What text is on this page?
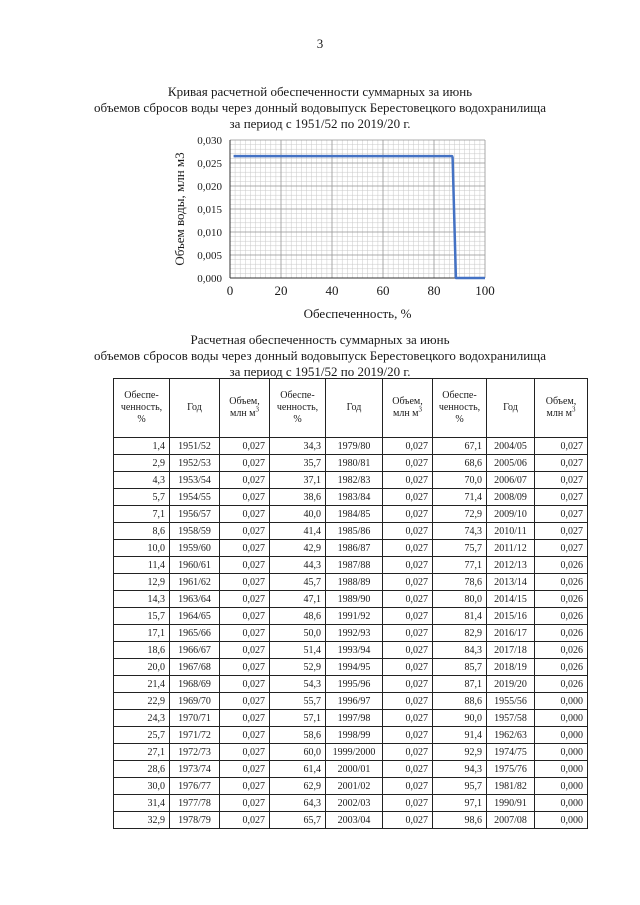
3
Кривая расчетной обеспеченности суммарных за июнь
объемов сбросов воды через донный водовыпуск Берестовецкого водохранилища
за период с 1951/52 по 2019/20 г.
0	20	40	60	80	100
0,000
0,005
0,010
0,015
0,020
0,025
0,030
Объем воды, млн м3
Обеспеченность, %
Расчетная обеспеченность суммарных за июнь
объемов сбросов воды через донный водовыпуск Берестовецкого водохранилища
за период с 1951/52 по 2019/20 г.
Обеспе-
ченность,
%	Год	Объем,
млн $м^3$	Обеспе-
ченность,
%	Год	Объем,
млн $м^3$	Обеспе-
ченность,
%	Год	Объем,
млн $м^3$
1,4	1951/52	0,027	34,3	1979/80	0,027	67,1	2004/05	0,027
2,9	1952/53	0,027	35,7	1980/81	0,027	68,6	2005/06	0,027
4,3	1953/54	0,027	37,1	1982/83	0,027	70,0	2006/07	0,027
5,7	1954/55	0,027	38,6	1983/84	0,027	71,4	2008/09	0,027
7,1	1956/57	0,027	40,0	1984/85	0,027	72,9	2009/10	0,027
8,6	1958/59	0,027	41,4	1985/86	0,027	74,3	2010/11	0,027
10,0	1959/60	0,027	42,9	1986/87	0,027	75,7	2011/12	0,027
11,4	1960/61	0,027	44,3	1987/88	0,027	77,1	2012/13	0,026
12,9	1961/62	0,027	45,7	1988/89	0,027	78,6	2013/14	0,026
14,3	1963/64	0,027	47,1	1989/90	0,027	80,0	2014/15	0,026
15,7	1964/65	0,027	48,6	1991/92	0,027	81,4	2015/16	0,026
17,1	1965/66	0,027	50,0	1992/93	0,027	82,9	2016/17	0,026
18,6	1966/67	0,027	51,4	1993/94	0,027	84,3	2017/18	0,026
20,0	1967/68	0,027	52,9	1994/95	0,027	85,7	2018/19	0,026
21,4	1968/69	0,027	54,3	1995/96	0,027	87,1	2019/20	0,026
22,9	1969/70	0,027	55,7	1996/97	0,027	88,6	1955/56	0,000
24,3	1970/71	0,027	57,1	1997/98	0,027	90,0	1957/58	0,000
25,7	1971/72	0,027	58,6	1998/99	0,027	91,4	1962/63	0,000
27,1	1972/73	0,027	60,0	1999/2000	0,027	92,9	1974/75	0,000
28,6	1973/74	0,027	61,4	2000/01	0,027	94,3	1975/76	0,000
30,0	1976/77	0,027	62,9	2001/02	0,027	95,7	1981/82	0,000
31,4	1977/78	0,027	64,3	2002/03	0,027	97,1	1990/91	0,000
32,9	1978/79	0,027	65,7	2003/04	0,027	98,6	2007/08	0,000
